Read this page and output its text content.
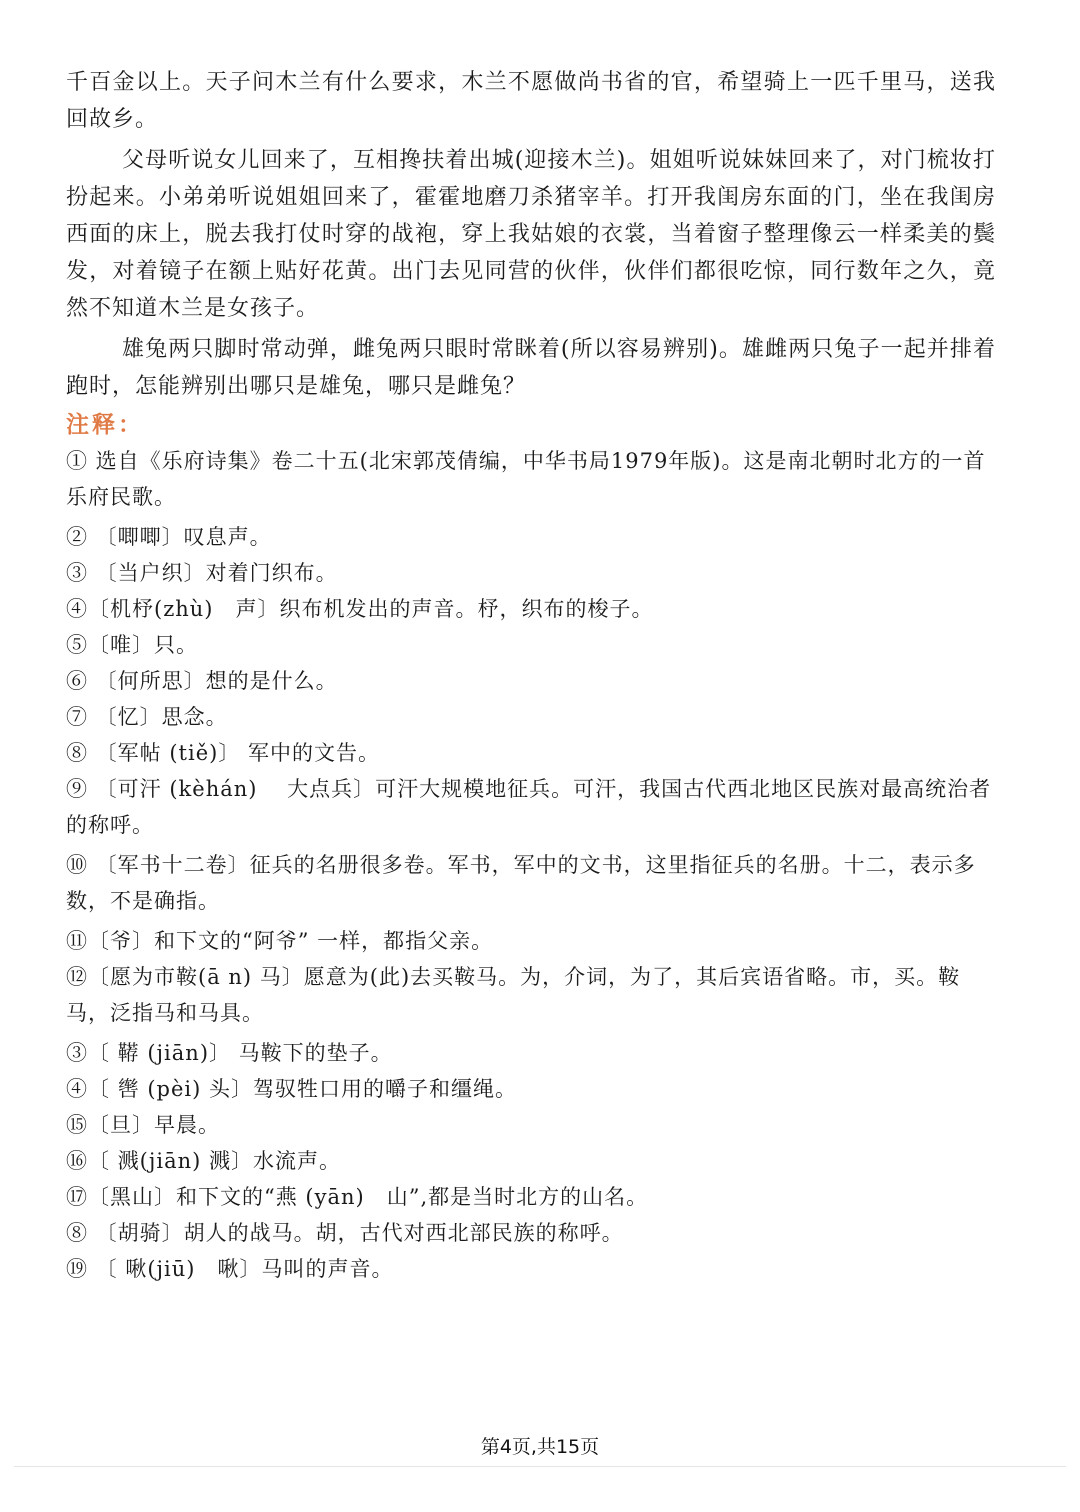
千百金以上。天子问木兰有什么要求，木兰不愿做尚书省的官，希望骑上一匹千里马，送我回故乡。

父母听说女儿回来了，互相搀扶着出城(迎接木兰)。姐姐听说妹妹回来了，对门梳妆打扮起来。小弟弟听说姐姐回来了，霍霍地磨刀杀猪宰羊。打开我闺房东面的门，坐在我闺房西面的床上，脱去我打仗时穿的战袍，穿上我姑娘的衣裳，当着窗子整理像云一样柔美的鬓发，对着镜子在额上贴好花黄。出门去见同营的伙伴，伙伴们都很吃惊，同行数年之久，竟然不知道木兰是女孩子。

雄兔两只脚时常动弹，雌兔两只眼时常眯着(所以容易辨别)。雄雌两只兔子一起并排着跑时，怎能辨别出哪只是雄兔，哪只是雌兔？

注释：

① 选自《乐府诗集》卷二十五(北宋郭茂倩编，中华书局1979年版)。这是南北朝时北方的一首乐府民歌。

② 〔唧唧〕叹息声。

③ 〔当户织〕对着门织布。

④〔机杼(zhù)　声〕织布机发出的声音。杼，织布的梭子。

⑤〔唯〕只。

⑥ 〔何所思〕想的是什么。

⑦ 〔忆〕思念。

⑧ 〔军帖 (tiě)〕 军中的文告。

⑨ 〔可汗 (kèhán)　 大点兵〕可汗大规模地征兵。可汗，我国古代西北地区民族对最高统治者的称呼。

⑩ 〔军书十二卷〕征兵的名册很多卷。军书，军中的文书，这里指征兵的名册。十二，表示多数，不是确指。

⑪〔爷〕和下文的“阿爷” 一样，都指父亲。

⑫〔愿为市鞍(ā n) 马〕愿意为(此)去买鞍马。为，介词，为了，其后宾语省略。市，买。鞍马，泛指马和马具。

③〔 鞯 (jiān)〕 马鞍下的垫子。

④〔 辔 (pèi) 头〕驾驭牲口用的嚼子和缰绳。

⑮〔旦〕早晨。

⑯〔 溅(jiān) 溅〕水流声。

⑰〔黑山〕和下文的“燕 (yān)　山”,都是当时北方的山名。

⑧ 〔胡骑〕胡人的战马。胡，古代对西北部民族的称呼。

⑲ 〔 啾(jiū)　啾〕马叫的声音。

第4页,共15页
